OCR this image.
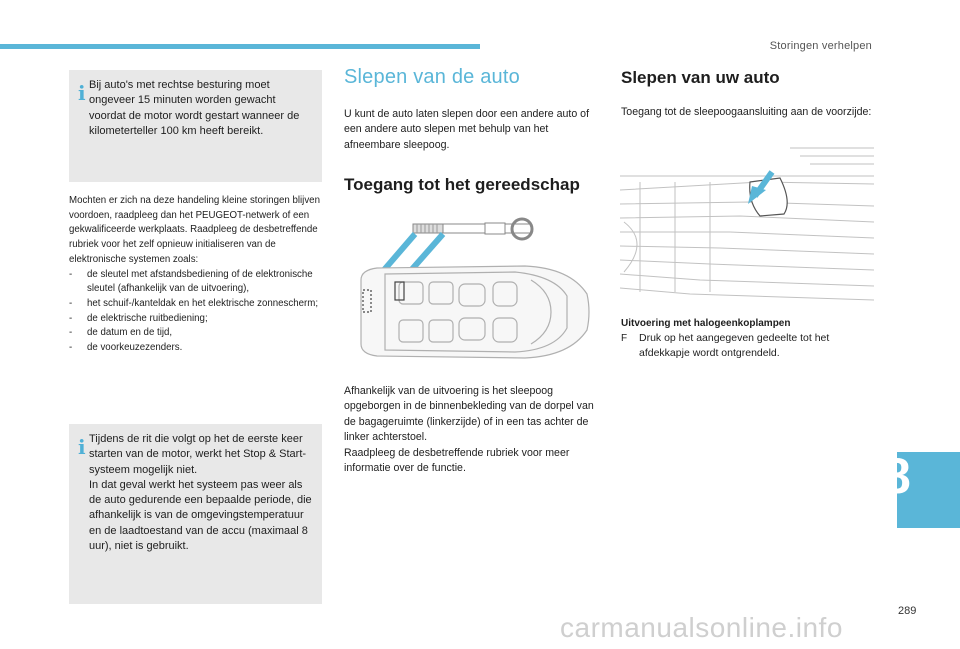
Storingen verhelpen
i Bij auto's met rechtse besturing moet ongeveer 15 minuten worden gewacht voordat de motor wordt gestart wanneer de kilometerteller 100 km heeft bereikt.
Mochten er zich na deze handeling kleine storingen blijven voordoen, raadpleeg dan het PEUGEOT-netwerk of een gekwalificeerde werkplaats. Raadpleeg de desbetreffende rubriek voor het zelf opnieuw initialiseren van de elektronische systemen zoals:
- de sleutel met afstandsbediening of de elektronische sleutel (afhankelijk van de uitvoering),
- het schuif-/kanteldak en het elektrische zonnescherm;
- de elektrische ruitbediening;
- de datum en de tijd,
- de voorkeuzezenders.
i Tijdens de rit die volgt op het de eerste keer starten van de motor, werkt het Stop & Start-systeem mogelijk niet.
In dat geval werkt het systeem pas weer als de auto gedurende een bepaalde periode, die afhankelijk is van de omgevingstemperatuur en de laadtoestand van de accu (maximaal 8 uur), niet is gebruikt.
Slepen van de auto
U kunt de auto laten slepen door een andere auto of een andere auto slepen met behulp van het afneembare sleepoog.
Toegang tot het gereedschap
Afhankelijk van de uitvoering is het sleepoog opgeborgen in de binnenbekleding van de dorpel van de bagageruimte (linkerzijde) of in een tas achter de linker achterstoel.
Raadpleeg de desbetreffende rubriek voor meer informatie over de functie.
Slepen van uw auto
Toegang tot de sleepoogaansluiting aan de voorzijde:
Uitvoering met halogeenkoplampen
F Druk op het aangegeven gedeelte tot het afdekkapje wordt ontgrendeld.
8
289
carmanualsonline.info
